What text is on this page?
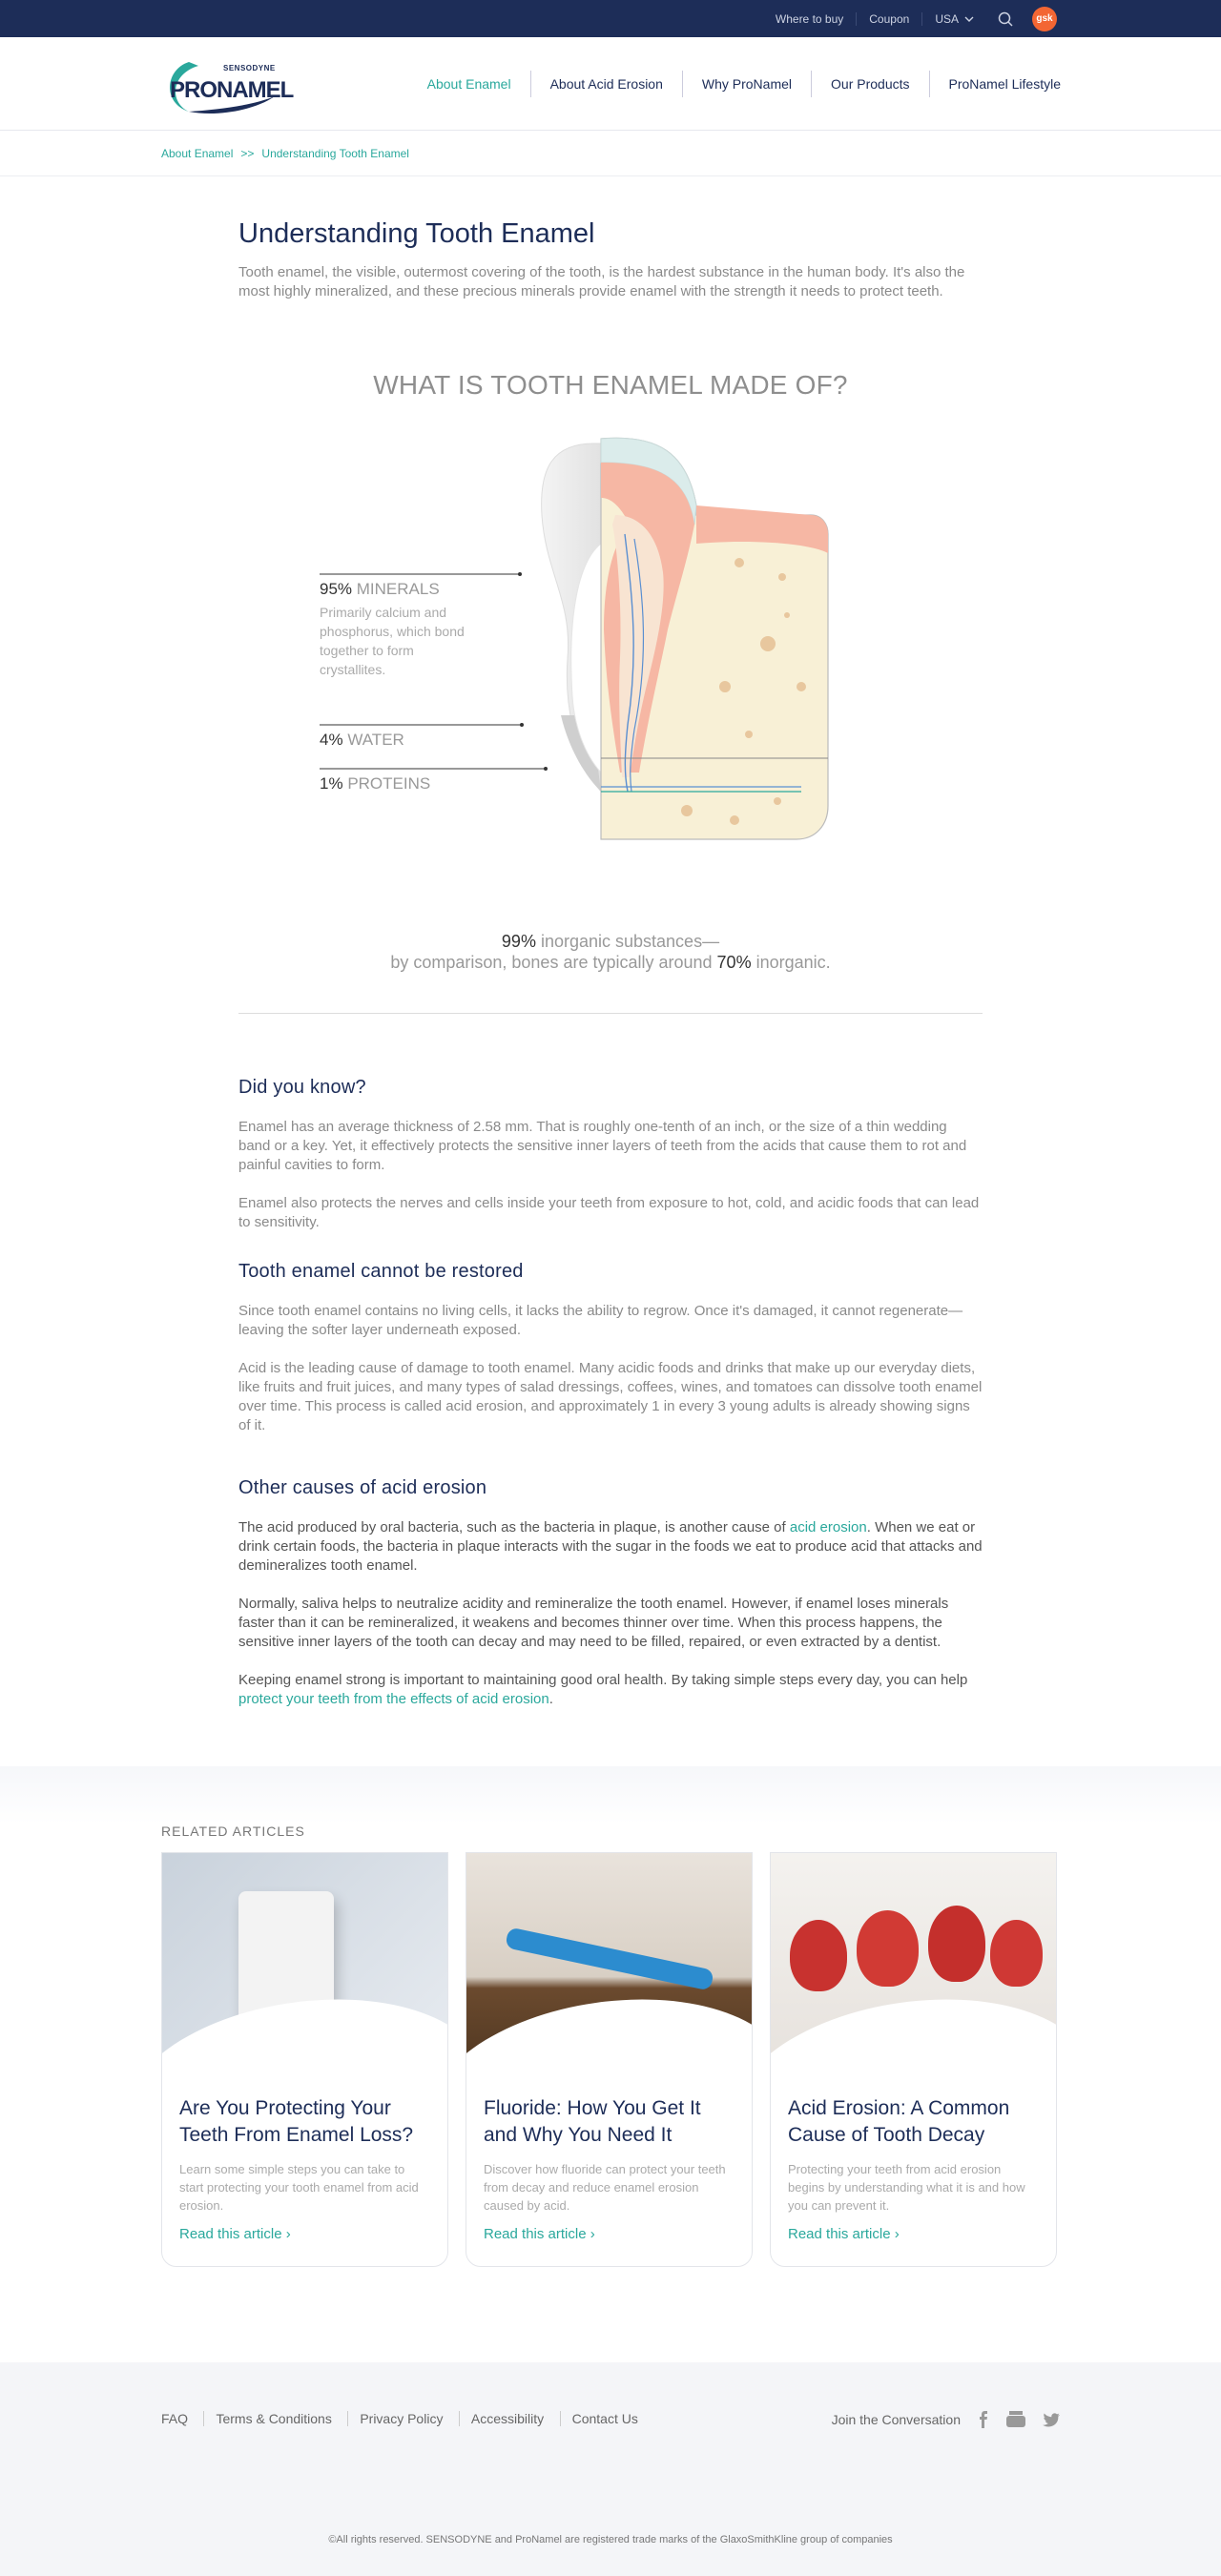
Where to buy	Coupon	USA	gsk
SENSODYNE
PRONAMEL	About Enamel	About Acid Erosion	Why ProNamel	Our Products	ProNamel Lifestyle
About Enamel >> Understanding Tooth Enamel
Understanding Tooth Enamel

Tooth enamel, the visible, outermost covering of the tooth, is the hardest substance in the human body. It's also the most highly mineralized, and these precious minerals provide enamel with the strength it needs to protect teeth.

WHAT IS TOOTH ENAMEL MADE OF?
95% MINERALS
Primarily calcium and phosphorus, which bond together to form crystallites.
4% WATER
1% PROTEINS
99% inorganic substances—
by comparison, bones are typically around 70% inorganic.
Did you know?

Enamel has an average thickness of 2.58 mm. That is roughly one-tenth of an inch, or the size of a thin wedding band or a key. Yet, it effectively protects the sensitive inner layers of teeth from the acids that cause them to rot and painful cavities to form.

Enamel also protects the nerves and cells inside your teeth from exposure to hot, cold, and acidic foods that can lead to sensitivity.

Tooth enamel cannot be restored

Since tooth enamel contains no living cells, it lacks the ability to regrow. Once it's damaged, it cannot regenerate—leaving the softer layer underneath exposed.

Acid is the leading cause of damage to tooth enamel. Many acidic foods and drinks that make up our everyday diets, like fruits and fruit juices, and many types of salad dressings, coffees, wines, and tomatoes can dissolve tooth enamel over time. This process is called acid erosion, and approximately 1 in every 3 young adults is already showing signs of it.

Other causes of acid erosion

The acid produced by oral bacteria, such as the bacteria in plaque, is another cause of acid erosion. When we eat or drink certain foods, the bacteria in plaque interacts with the sugar in the foods we eat to produce acid that attacks and demineralizes tooth enamel.

Normally, saliva helps to neutralize acidity and remineralize the tooth enamel. However, if enamel loses minerals faster than it can be remineralized, it weakens and becomes thinner over time. When this process happens, the sensitive inner layers of the tooth can decay and may need to be filled, repaired, or even extracted by a dentist.

Keeping enamel strong is important to maintaining good oral health. By taking simple steps every day, you can help protect your teeth from the effects of acid erosion.

RELATED ARTICLES
Are You Protecting Your Teeth From Enamel Loss?

Learn some simple steps you can take to start protecting your tooth enamel from acid erosion.

Read this article ›
Fluoride: How You Get It and Why You Need It

Discover how fluoride can protect your teeth from decay and reduce enamel erosion caused by acid.

Read this article ›
Acid Erosion: A Common Cause of Tooth Decay

Protecting your teeth from acid erosion begins by understanding what it is and how you can prevent it.

Read this article ›
FAQ Terms & Conditions Privacy Policy Accessibility Contact Us	Join the Conversation
©All rights reserved. SENSODYNE and ProNamel are registered trade marks of the GlaxoSmithKline group of companies
